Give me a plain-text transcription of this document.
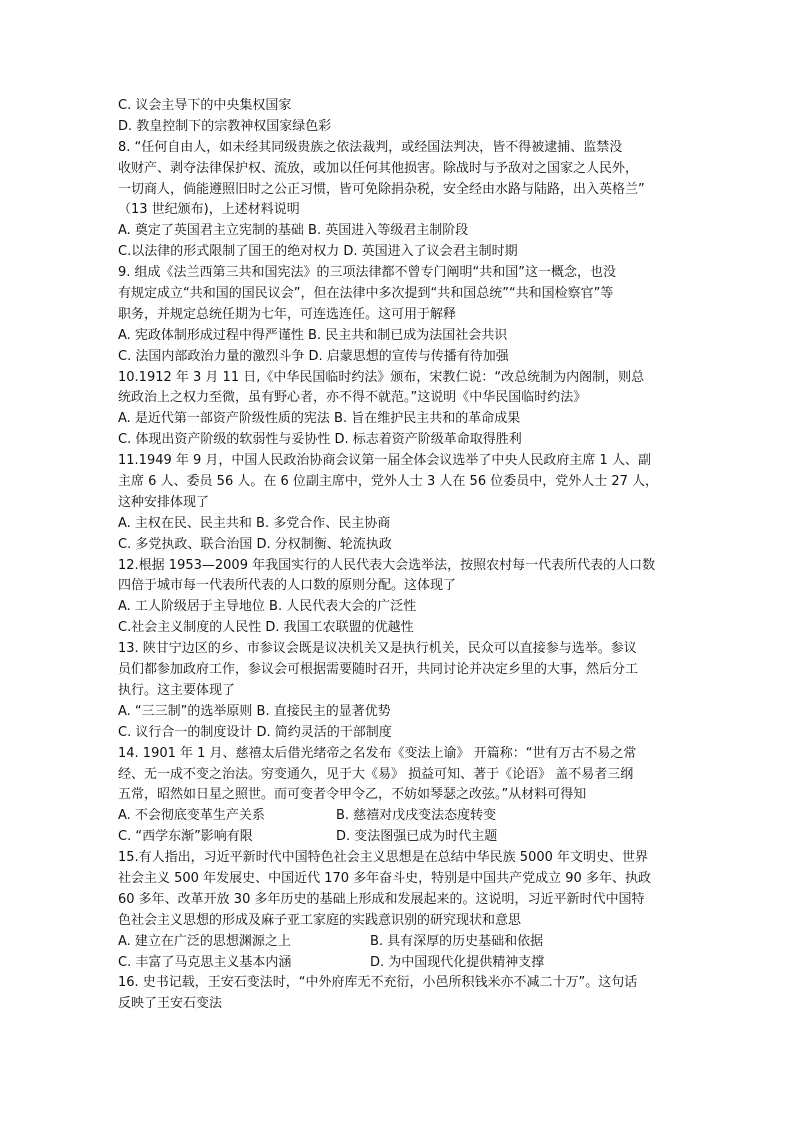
C. 议会主导下的中央集权国家
D. 教皇控制下的宗教神权国家绿色彩
8. “任何自由人，如未经其同级贵族之依法裁判，或经国法判决，皆不得被逮捕、监禁没
收财产、剥夺法律保护权、流放，或加以任何其他损害。除战时与予敌对之国家之人民外，
一切商人，倘能遵照旧时之公正习惯，皆可免除捐杂税，安全经由水路与陆路，出入英格兰”
（13 世纪颁布)，上述材料说明
A. 奠定了英国君主立宪制的基础 B. 英国进入等级君主制阶段
C.以法律的形式限制了国王的绝对权力 D. 英国进入了议会君主制时期
9. 组成《法兰西第三共和国宪法》的三项法律都不曾专门阐明“共和国”这一概念，也没
有规定成立“共和国的国民议会”，但在法律中多次提到“共和国总统”“共和国检察官”等
职务，并规定总统任期为七年，可连选连任。这可用于解释
A. 宪政体制形成过程中得严谨性 B. 民主共和制已成为法国社会共识
C. 法国内部政治力量的激烈斗争 D. 启蒙思想的宣传与传播有待加强
10.1912 年 3 月 11 日,《中华民国临时约法》颁布，宋教仁说：“改总统制为内阁制，则总
统政治上之权力至微，虽有野心者，亦不得不就范。”这说明《中华民国临时约法》
A. 是近代第一部资产阶级性质的宪法 B. 旨在维护民主共和的革命成果
C. 体现出资产阶级的软弱性与妥协性 D. 标志着资产阶级革命取得胜利
11.1949 年 9 月，中国人民政治协商会议第一届全体会议选举了中央人民政府主席 1 人、副
主席 6 人、委员 56 人。在 6 位副主席中，党外人士 3 人在 56 位委员中，党外人士 27 人，
这种安排体现了
A. 主权在民、民主共和 B. 多党合作、民主协商
C. 多党执政、联合治国 D. 分权制衡、轮流执政
12.根据 1953—2009 年我国实行的人民代表大会选举法，按照农村每一代表所代表的人口数
四倍于城市每一代表所代表的人口数的原则分配。这体现了
A. 工人阶级居于主导地位 B. 人民代表大会的广泛性
C.社会主义制度的人民性 D. 我国工农联盟的优越性
13. 陕甘宁边区的乡、市参议会既是议决机关又是执行机关，民众可以直接参与选举。参议
员们都参加政府工作，参议会可根据需要随时召开，共同讨论并决定乡里的大事，然后分工
执行。这主要体现了
A. “三三制”的选举原则 B. 直接民主的显著优势
C. 议行合一的制度设计 D. 简约灵活的干部制度
14. 1901 年 1 月、慈禧太后借光绪帝之名发布《变法上谕》 开篇称：“世有万古不易之常
经、无一成不变之治法。穷变通久，见于大《易》 损益可知、著于《论语》 盖不易者三纲
五常，昭然如日星之照世。而可变者令甲令乙，不妨如琴瑟之改弦。”从材料可得知
A. 不会彻底变革生产关系	B. 慈禧对戊戌变法态度转变
C. “西学东渐”影响有限	D. 变法图强已成为时代主题
15.有人指出，习近平新时代中国特色社会主义思想是在总结中华民族 5000 年文明史、世界
社会主义 500 年发展史、中国近代 170 多年奋斗史，特别是中国共产党成立 90 多年、执政
60 多年、改革开放 30 多年历史的基础上形成和发展起来的。这说明，习近平新时代中国特
色社会主义思想的形成及麻子亚工家庭的实践意识别的研究现状和意思
A. 建立在广泛的思想渊源之上	B. 具有深厚的历史基础和依据
C. 丰富了马克思主义基本内涵	D. 为中国现代化提供精神支撑
16. 史书记载，王安石变法时，“中外府库无不充衍，小邑所积钱米亦不减二十万”。这句话
反映了王安石变法
